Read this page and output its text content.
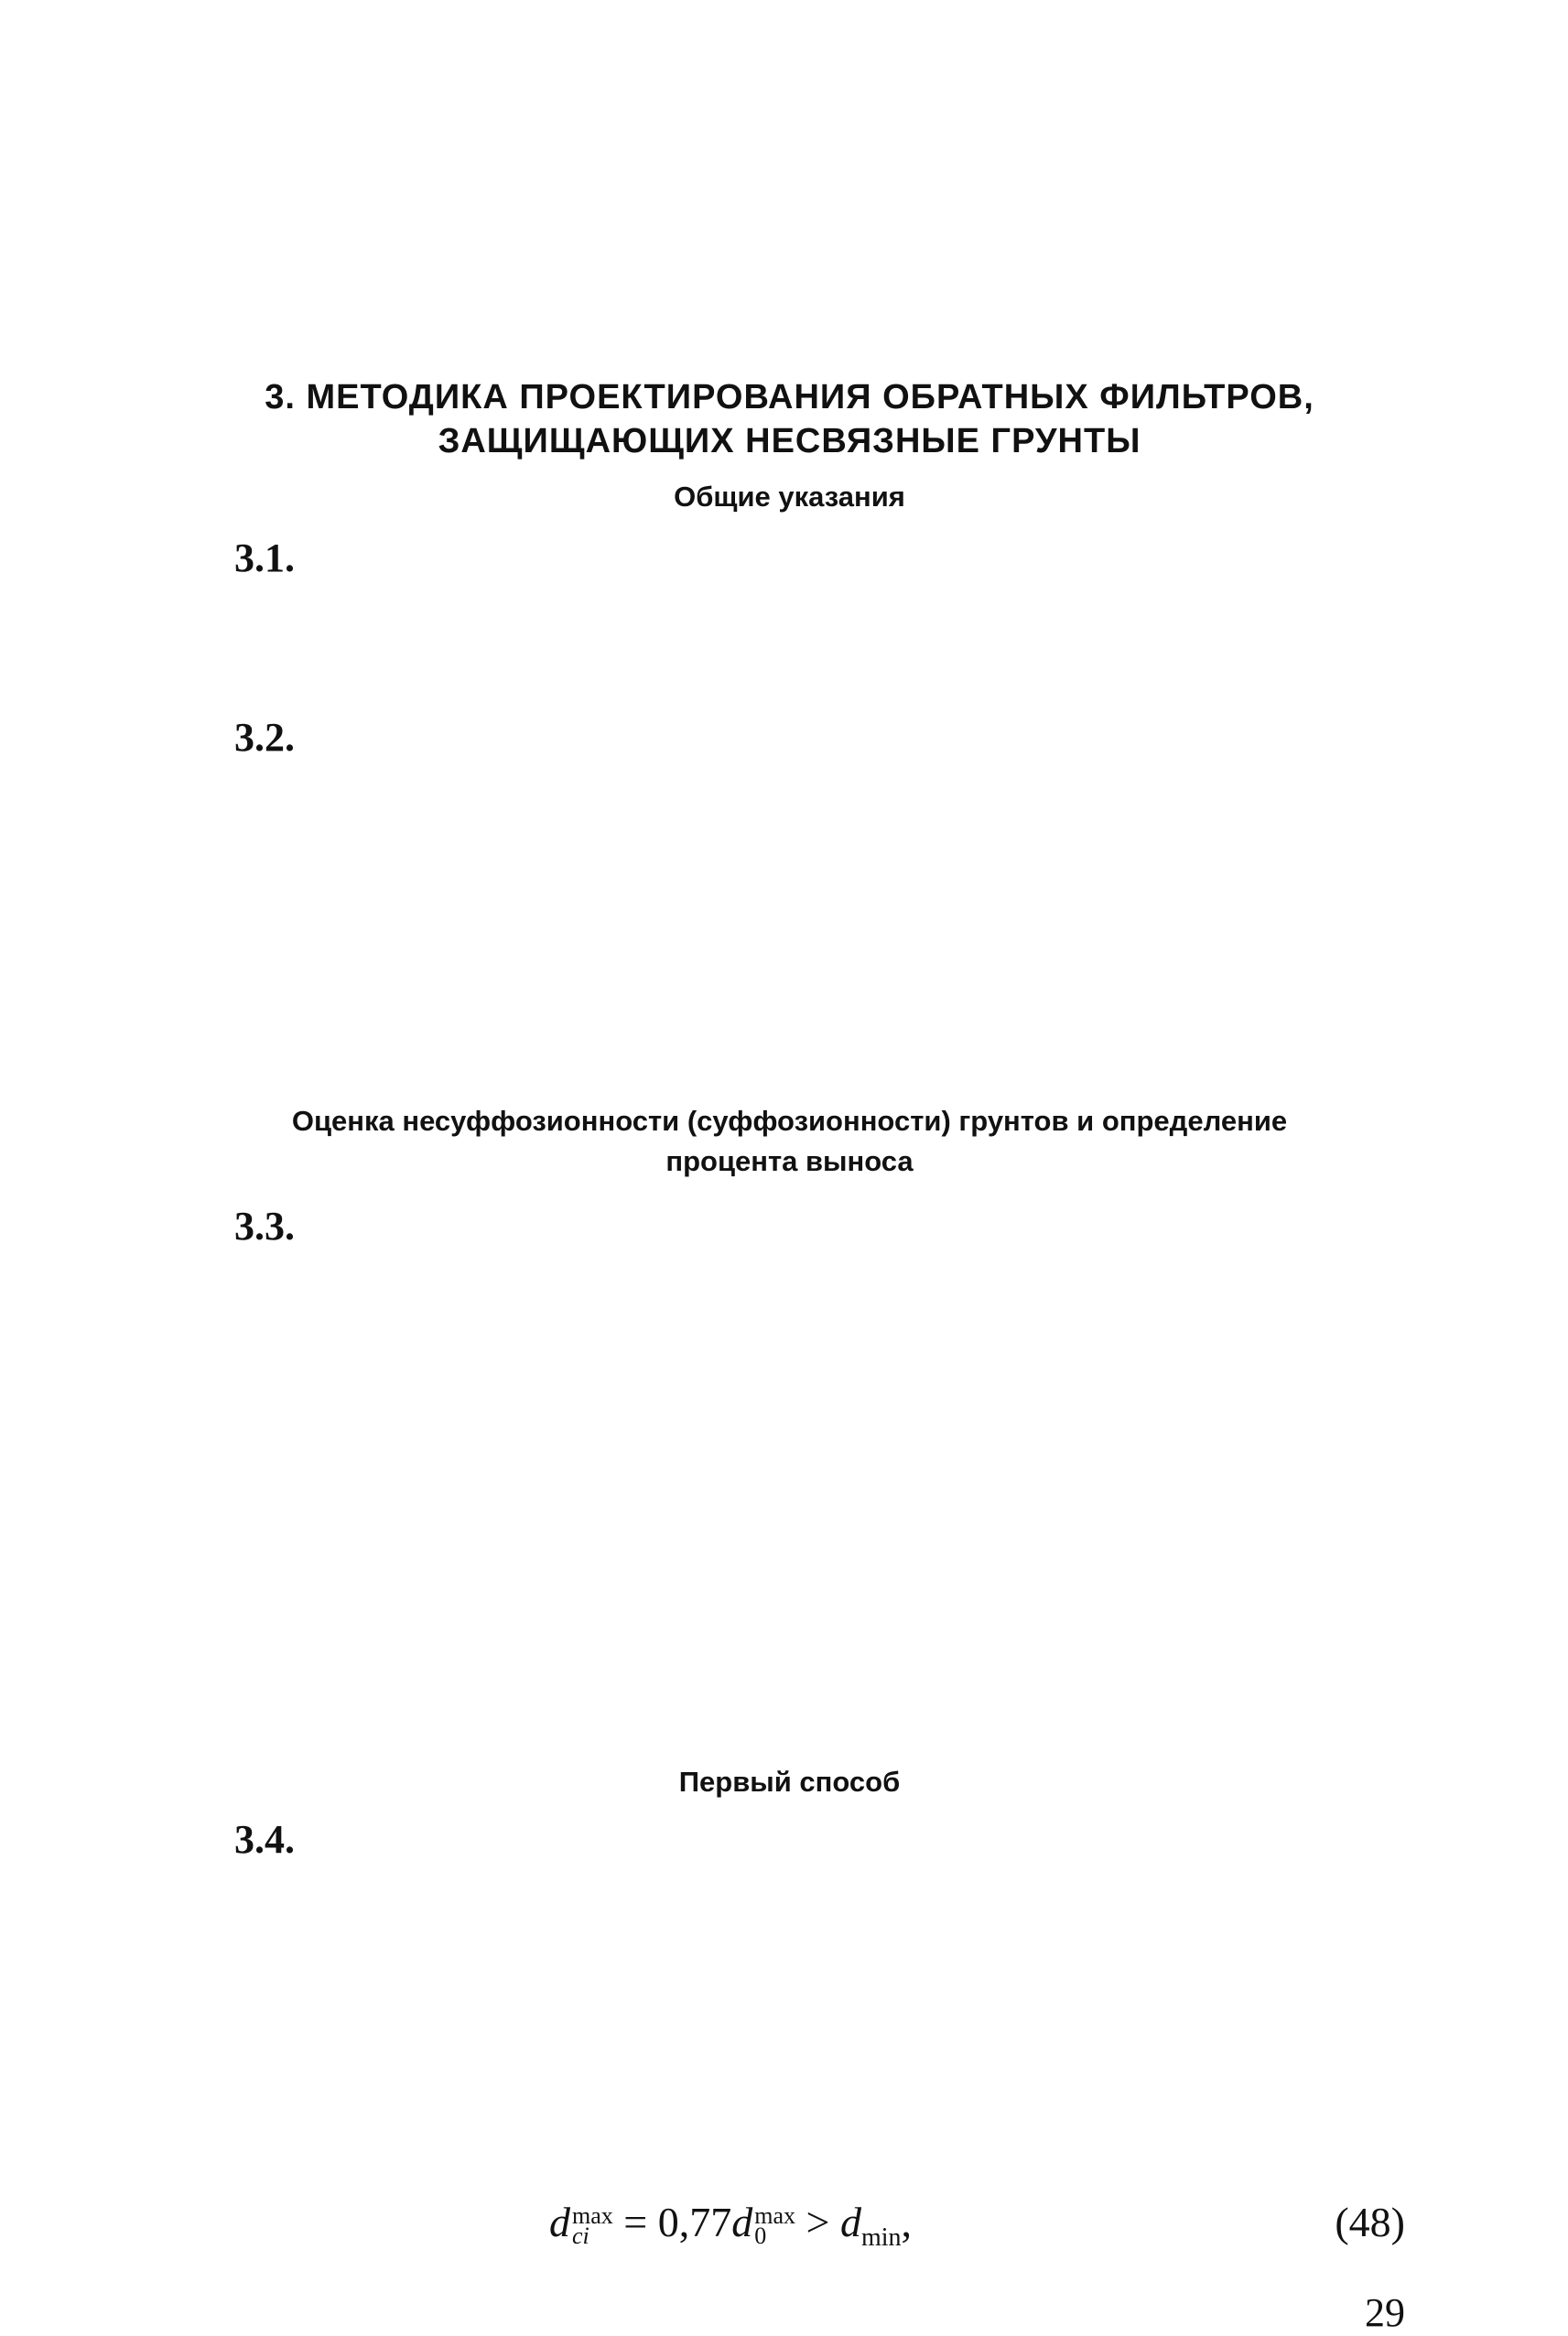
3. МЕТОДИКА ПРОЕКТИРОВАНИЯ ОБРАТНЫХ ФИЛЬТРОВ,
ЗАЩИЩАЮЩИХ НЕСВЯЗНЫЕ ГРУНТЫ
Общие указания
3.1.
3.2.
Оценка несуффозионности (суффозионности) грунтов и определение
процента выноса
3.3.
Первый способ
3.4.
d max
ci = 0,77d max
$0 > d_{min}$,	(48)
29
